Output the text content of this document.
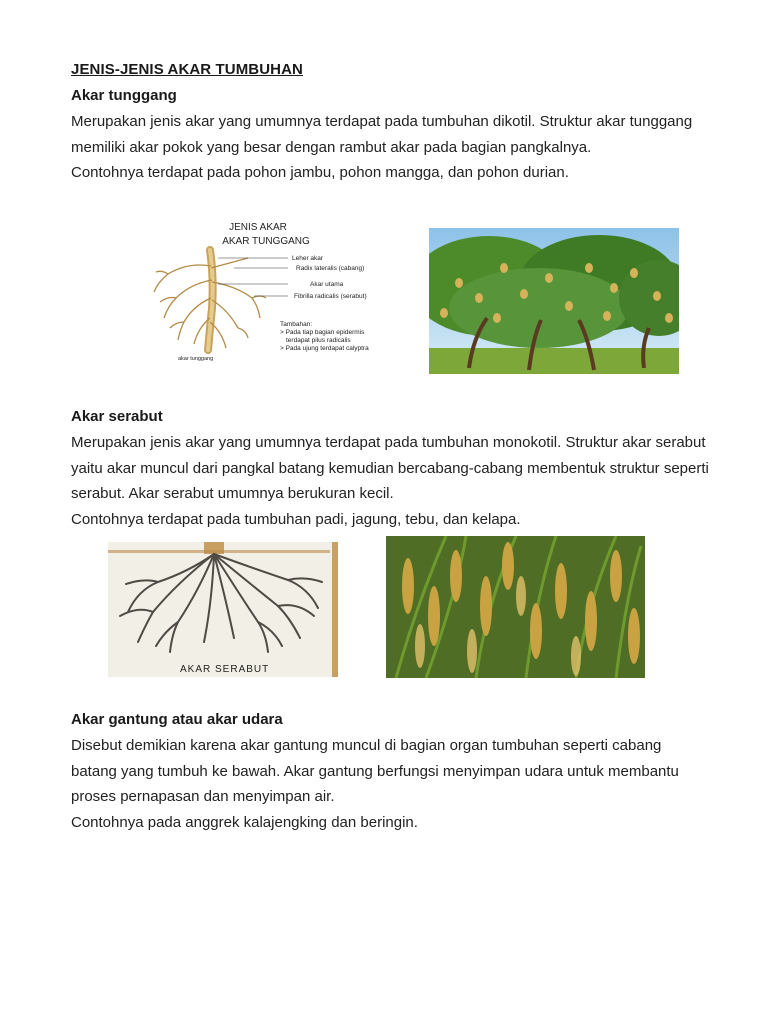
JENIS-JENIS AKAR TUMBUHAN
Akar tunggang

Merupakan jenis akar yang umumnya terdapat pada tumbuhan dikotil. Struktur akar tunggang memiliki akar pokok yang besar dengan rambut akar pada bagian pangkalnya.

Contohnya terdapat pada pohon jambu, pohon mangga, dan pohon durian.

JENIS AKAR
AKAR TUNGGANG
Leher akar
Radix lateralis (cabang)
Akar utama
Fibrilla radicalis (serabut)
Tambahan:
> Pada tiap bagian epidermis
terdapat pilus radicalis
> Pada ujung terdapat calyptra
akar tunggang
Akar serabut

Merupakan jenis akar yang umumnya terdapat pada tumbuhan monokotil. Struktur akar serabut yaitu akar muncul dari pangkal batang kemudian bercabang-cabang membentuk struktur seperti serabut. Akar serabut umumnya berukuran kecil.

Contohnya terdapat pada tumbuhan padi, jagung, tebu, dan kelapa.

AKAR SERABUT
Akar gantung atau akar udara

Disebut demikian karena akar gantung muncul di bagian organ tumbuhan seperti cabang batang yang tumbuh ke bawah. Akar gantung berfungsi menyimpan udara untuk membantu proses pernapasan dan menyimpan air.

Contohnya pada anggrek kalajengking dan beringin.
